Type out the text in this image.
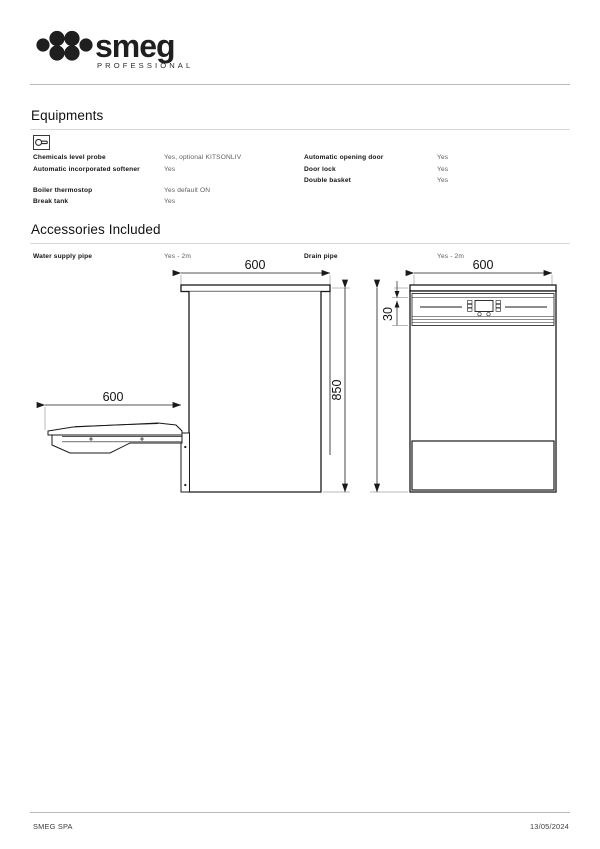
smeg
PROFESSIONAL
Equipments
Chemicals level probe	Yes, optional KITSONLIV
Automatic incorporated softener	Yes
Boiler thermostop	Yes default ON
Break tank	Yes
Automatic opening door	Yes
Door lock	Yes
Double basket	Yes
Accessories Included
Water supply pipe	Yes - 2m	Drain pipe	Yes - 2m
600
600	850
600
30
SMEG SPA	13/05/2024
